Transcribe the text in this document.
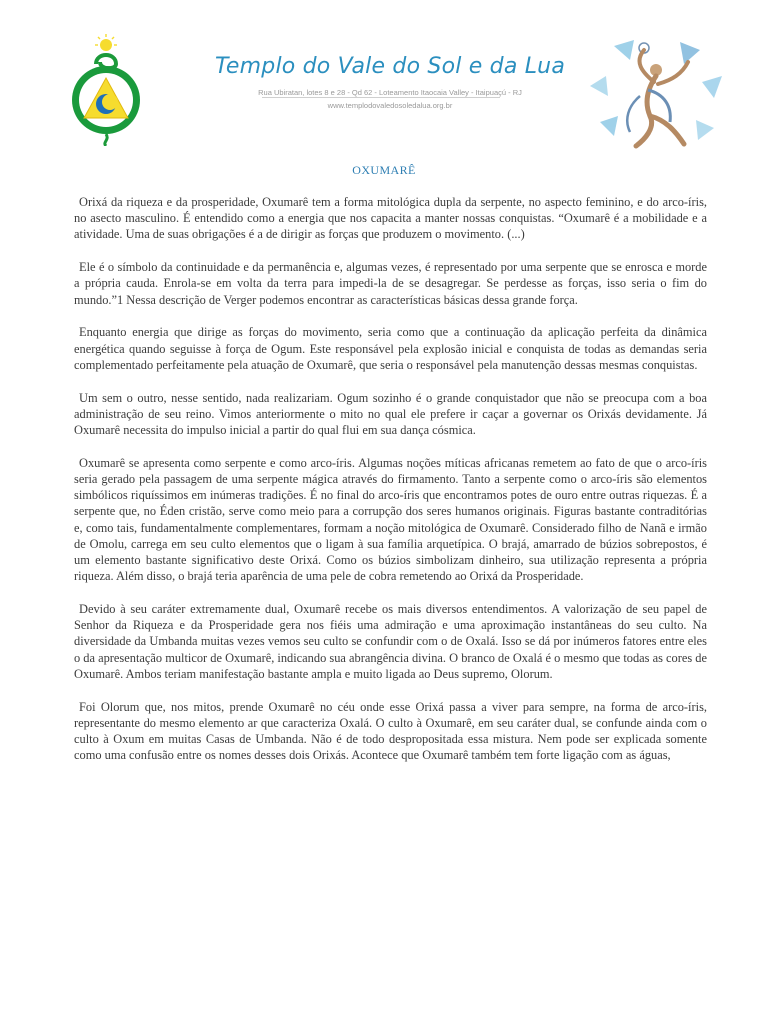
Templo do Vale do Sol e da Lua
Rua Ubiratan, lotes 8 e 28 - Qd 62 - Loteamento Itaocaia Valley - Itaipuaçú - RJ
www.templodovaledosoledalua.org.br
OXUMARÊ

Orixá da riqueza e da prosperidade, Oxumarê tem a forma mitológica dupla da serpente, no aspecto feminino, e do arco-íris, no asecto masculino. É entendido como a energia que nos capacita a manter nossas conquistas. “Oxumarê é a mobilidade e a atividade. Uma de suas obrigações é a de dirigir as forças que produzem o movimento. (...)

Ele é o símbolo da continuidade e da permanência e, algumas vezes, é representado por uma serpente que se enrosca e morde a própria cauda. Enrola-se em volta da terra para impedi-la de se desagregar. Se perdesse as forças, isso seria o fim do mundo.”1 Nessa descrição de Verger podemos encontrar as características básicas dessa grande força.

Enquanto energia que dirige as forças do movimento, seria como que a continuação da aplicação perfeita da dinâmica energética quando seguisse à força de Ogum. Este responsável pela explosão inicial e conquista de todas as demandas seria complementado perfeitamente pela atuação de Oxumarê, que seria o responsável pela manutenção dessas mesmas conquistas.

Um sem o outro, nesse sentido, nada realizariam. Ogum sozinho é o grande conquistador que não se preocupa com a boa administração de seu reino. Vimos anteriormente o mito no qual ele prefere ir caçar a governar os Orixás devidamente. Já Oxumarê necessita do impulso inicial a partir do qual flui em sua dança cósmica.

Oxumarê se apresenta como serpente e como arco-íris. Algumas noções míticas africanas remetem ao fato de que o arco-íris seria gerado pela passagem de uma serpente mágica através do firmamento. Tanto a serpente como o arco-íris são elementos simbólicos riquíssimos em inúmeras tradições. É no final do arco-íris que encontramos potes de ouro entre outras riquezas. É a serpente que, no Éden cristão, serve como meio para a corrupção dos seres humanos originais. Figuras bastante contraditórias e, como tais, fundamentalmente complementares, formam a noção mitológica de Oxumarê. Considerado filho de Nanã e irmão de Omolu, carrega em seu culto elementos que o ligam à sua família arquetípica. O brajá, amarrado de búzios sobrepostos, é um elemento bastante significativo deste Orixá. Como os búzios simbolizam dinheiro, sua utilização representa a própria riqueza. Além disso, o brajá teria aparência de uma pele de cobra remetendo ao Orixá da Prosperidade.

Devido à seu caráter extremamente dual, Oxumarê recebe os mais diversos entendimentos. A valorização de seu papel de Senhor da Riqueza e da Prosperidade gera nos fiéis uma admiração e uma aproximação instantâneas do seu culto. Na diversidade da Umbanda muitas vezes vemos seu culto se confundir com o de Oxalá. Isso se dá por inúmeros fatores entre eles o da apresentação multicor de Oxumarê, indicando sua abrangência divina. O branco de Oxalá é o mesmo que todas as cores de Oxumarê. Ambos teriam manifestação bastante ampla e muito ligada ao Deus supremo, Olorum.

Foi Olorum que, nos mitos, prende Oxumarê no céu onde esse Orixá passa a viver para sempre, na forma de arco-íris, representante do mesmo elemento ar que caracteriza Oxalá. O culto à Oxumarê, em seu caráter dual, se confunde ainda com o culto à Oxum em muitas Casas de Umbanda. Não é de todo despropositada essa mistura. Nem pode ser explicada somente como uma confusão entre os nomes desses dois Orixás. Acontece que Oxumarê também tem forte ligação com as águas,
